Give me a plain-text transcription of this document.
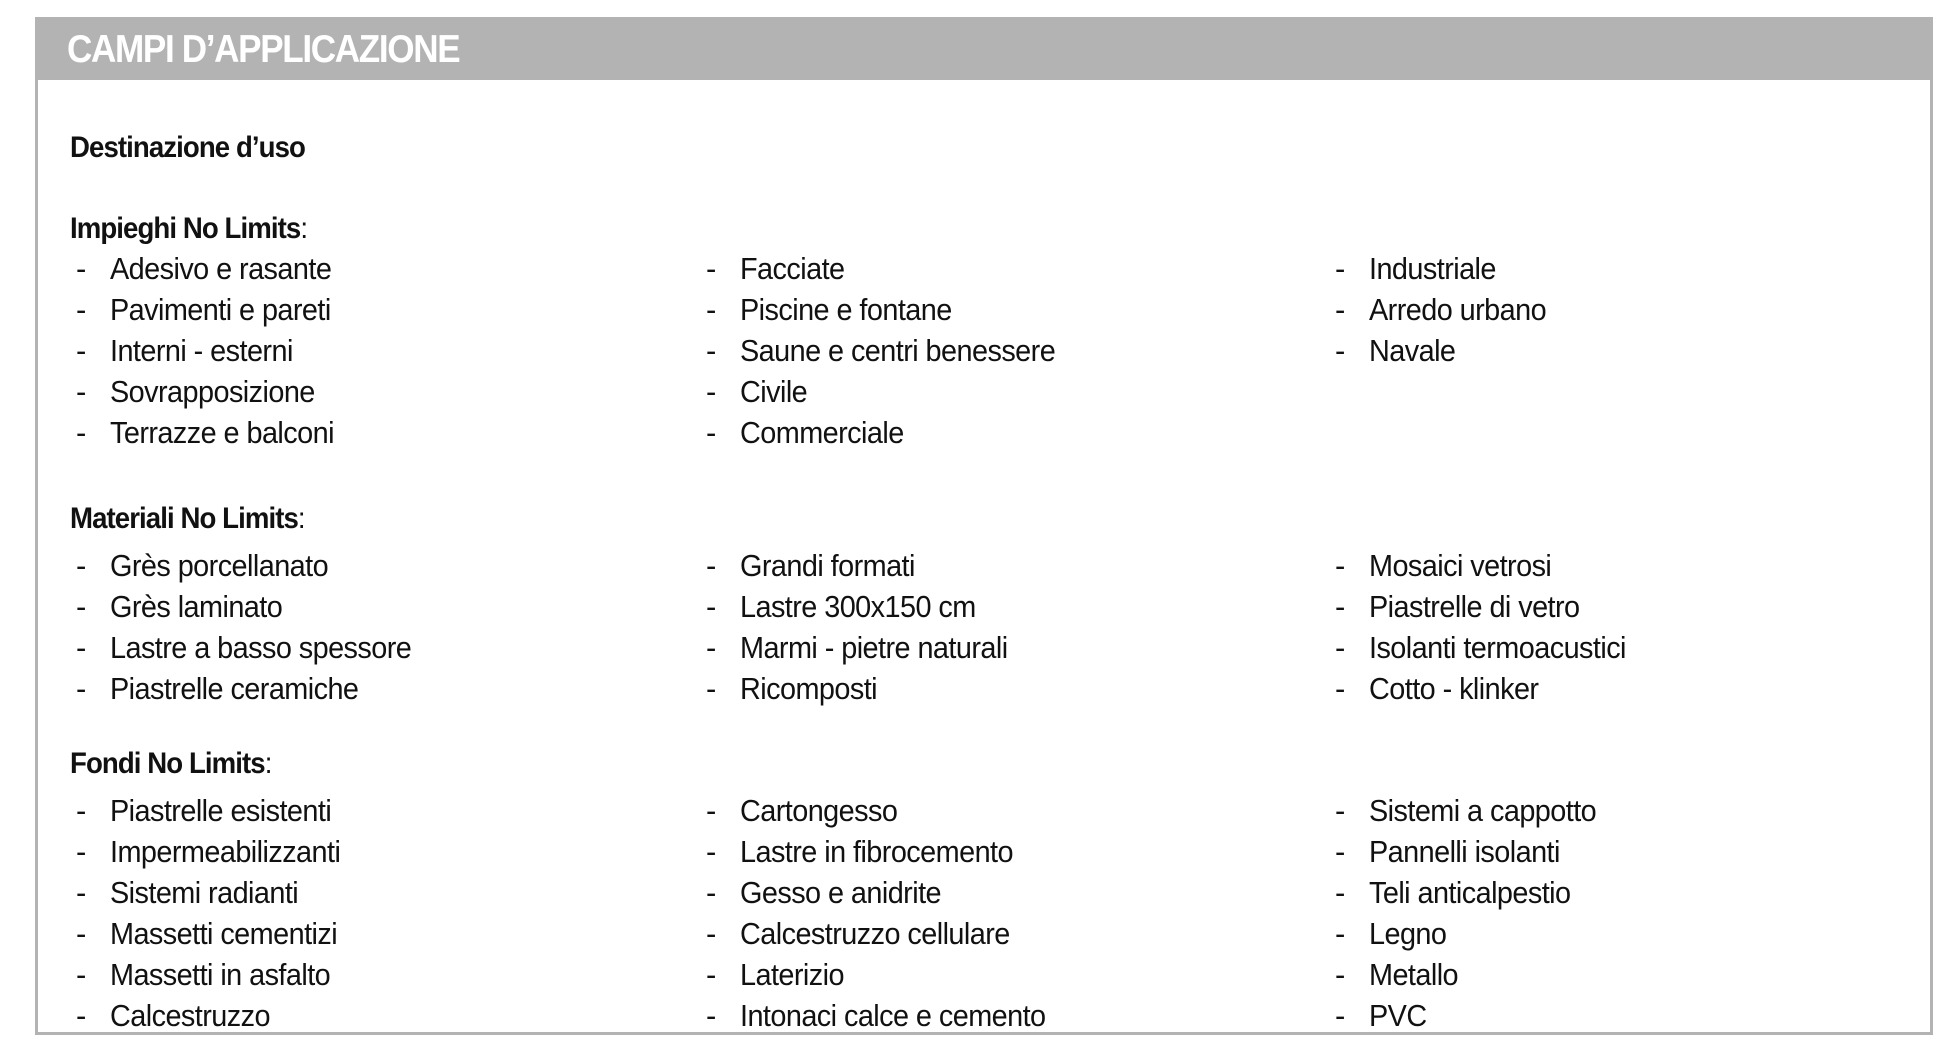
CAMPI D’APPLICAZIONE
Destinazione d’uso
Impieghi No Limits:
- Adesivo e rasante
- Pavimenti e pareti
- Interni - esterni
- Sovrapposizione
- Terrazze e balconi
- Facciate
- Piscine e fontane
- Saune e centri benessere
- Civile
- Commerciale
- Industriale
- Arredo urbano
- Navale
Materiali No Limits:
- Grès porcellanato
- Grès laminato
- Lastre a basso spessore
- Piastrelle ceramiche
- Grandi formati
- Lastre 300x150 cm
- Marmi - pietre naturali
- Ricomposti
- Mosaici vetrosi
- Piastrelle di vetro
- Isolanti termoacustici
- Cotto - klinker
Fondi No Limits:
- Piastrelle esistenti
- Impermeabilizzanti
- Sistemi radianti
- Massetti cementizi
- Massetti in asfalto
- Calcestruzzo
- Cartongesso
- Lastre in fibrocemento
- Gesso e anidrite
- Calcestruzzo cellulare
- Laterizio
- Intonaci calce e cemento
- Sistemi a cappotto
- Pannelli isolanti
- Teli anticalpestio
- Legno
- Metallo
- PVC
